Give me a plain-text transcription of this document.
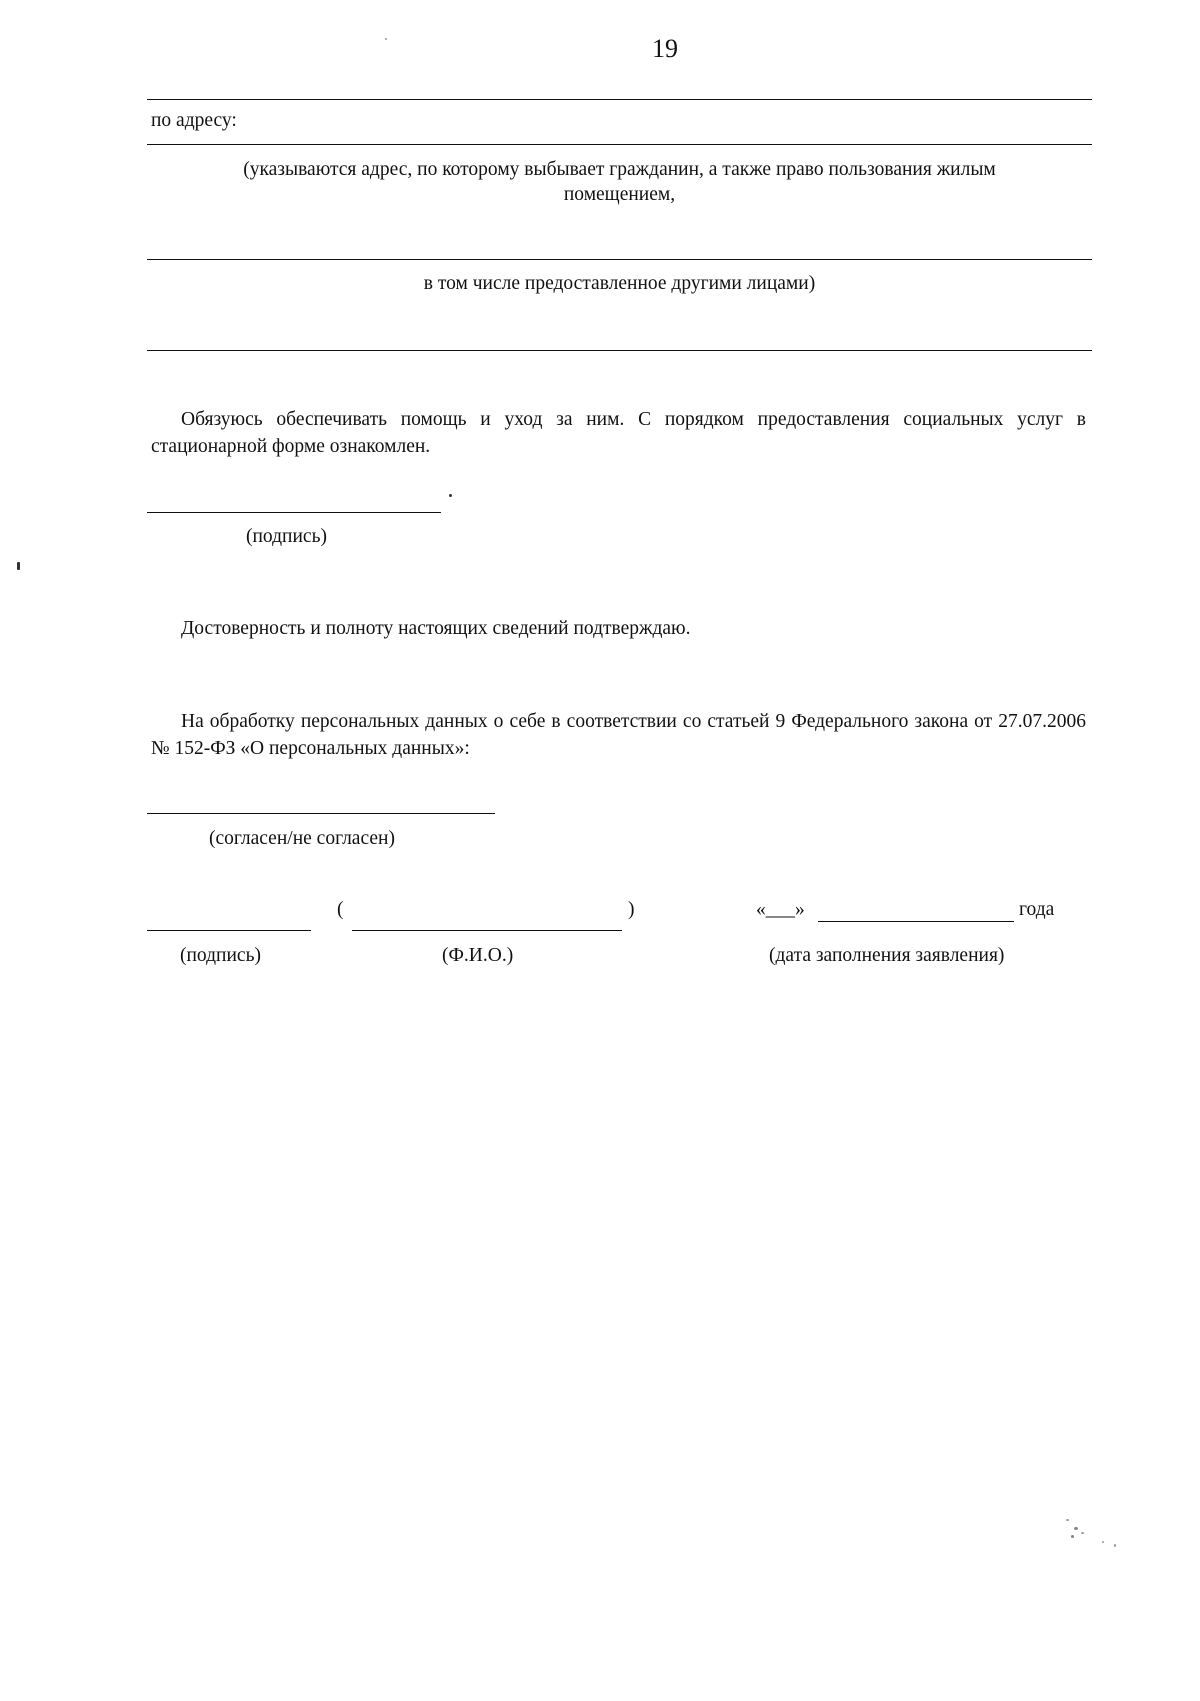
19
по адресу:
(указываются адрес, по которому выбывает гражданин, а также право пользования жилым
помещением,
в том числе предоставленное другими лицами)
Обязуюсь обеспечивать помощь и уход за ним. С порядком предоставления социальных услуг в стационарной форме ознакомлен.
(подпись)
Достоверность и полноту настоящих сведений подтверждаю.
На обработку персональных данных о себе в соответствии со статьей 9 Федерального закона от 27.07.2006 № 152-ФЗ «О персональных данных»:
(согласен/не согласен)
(	)	«___»	года
(подпись)	(Ф.И.О.)	(дата заполнения заявления)
